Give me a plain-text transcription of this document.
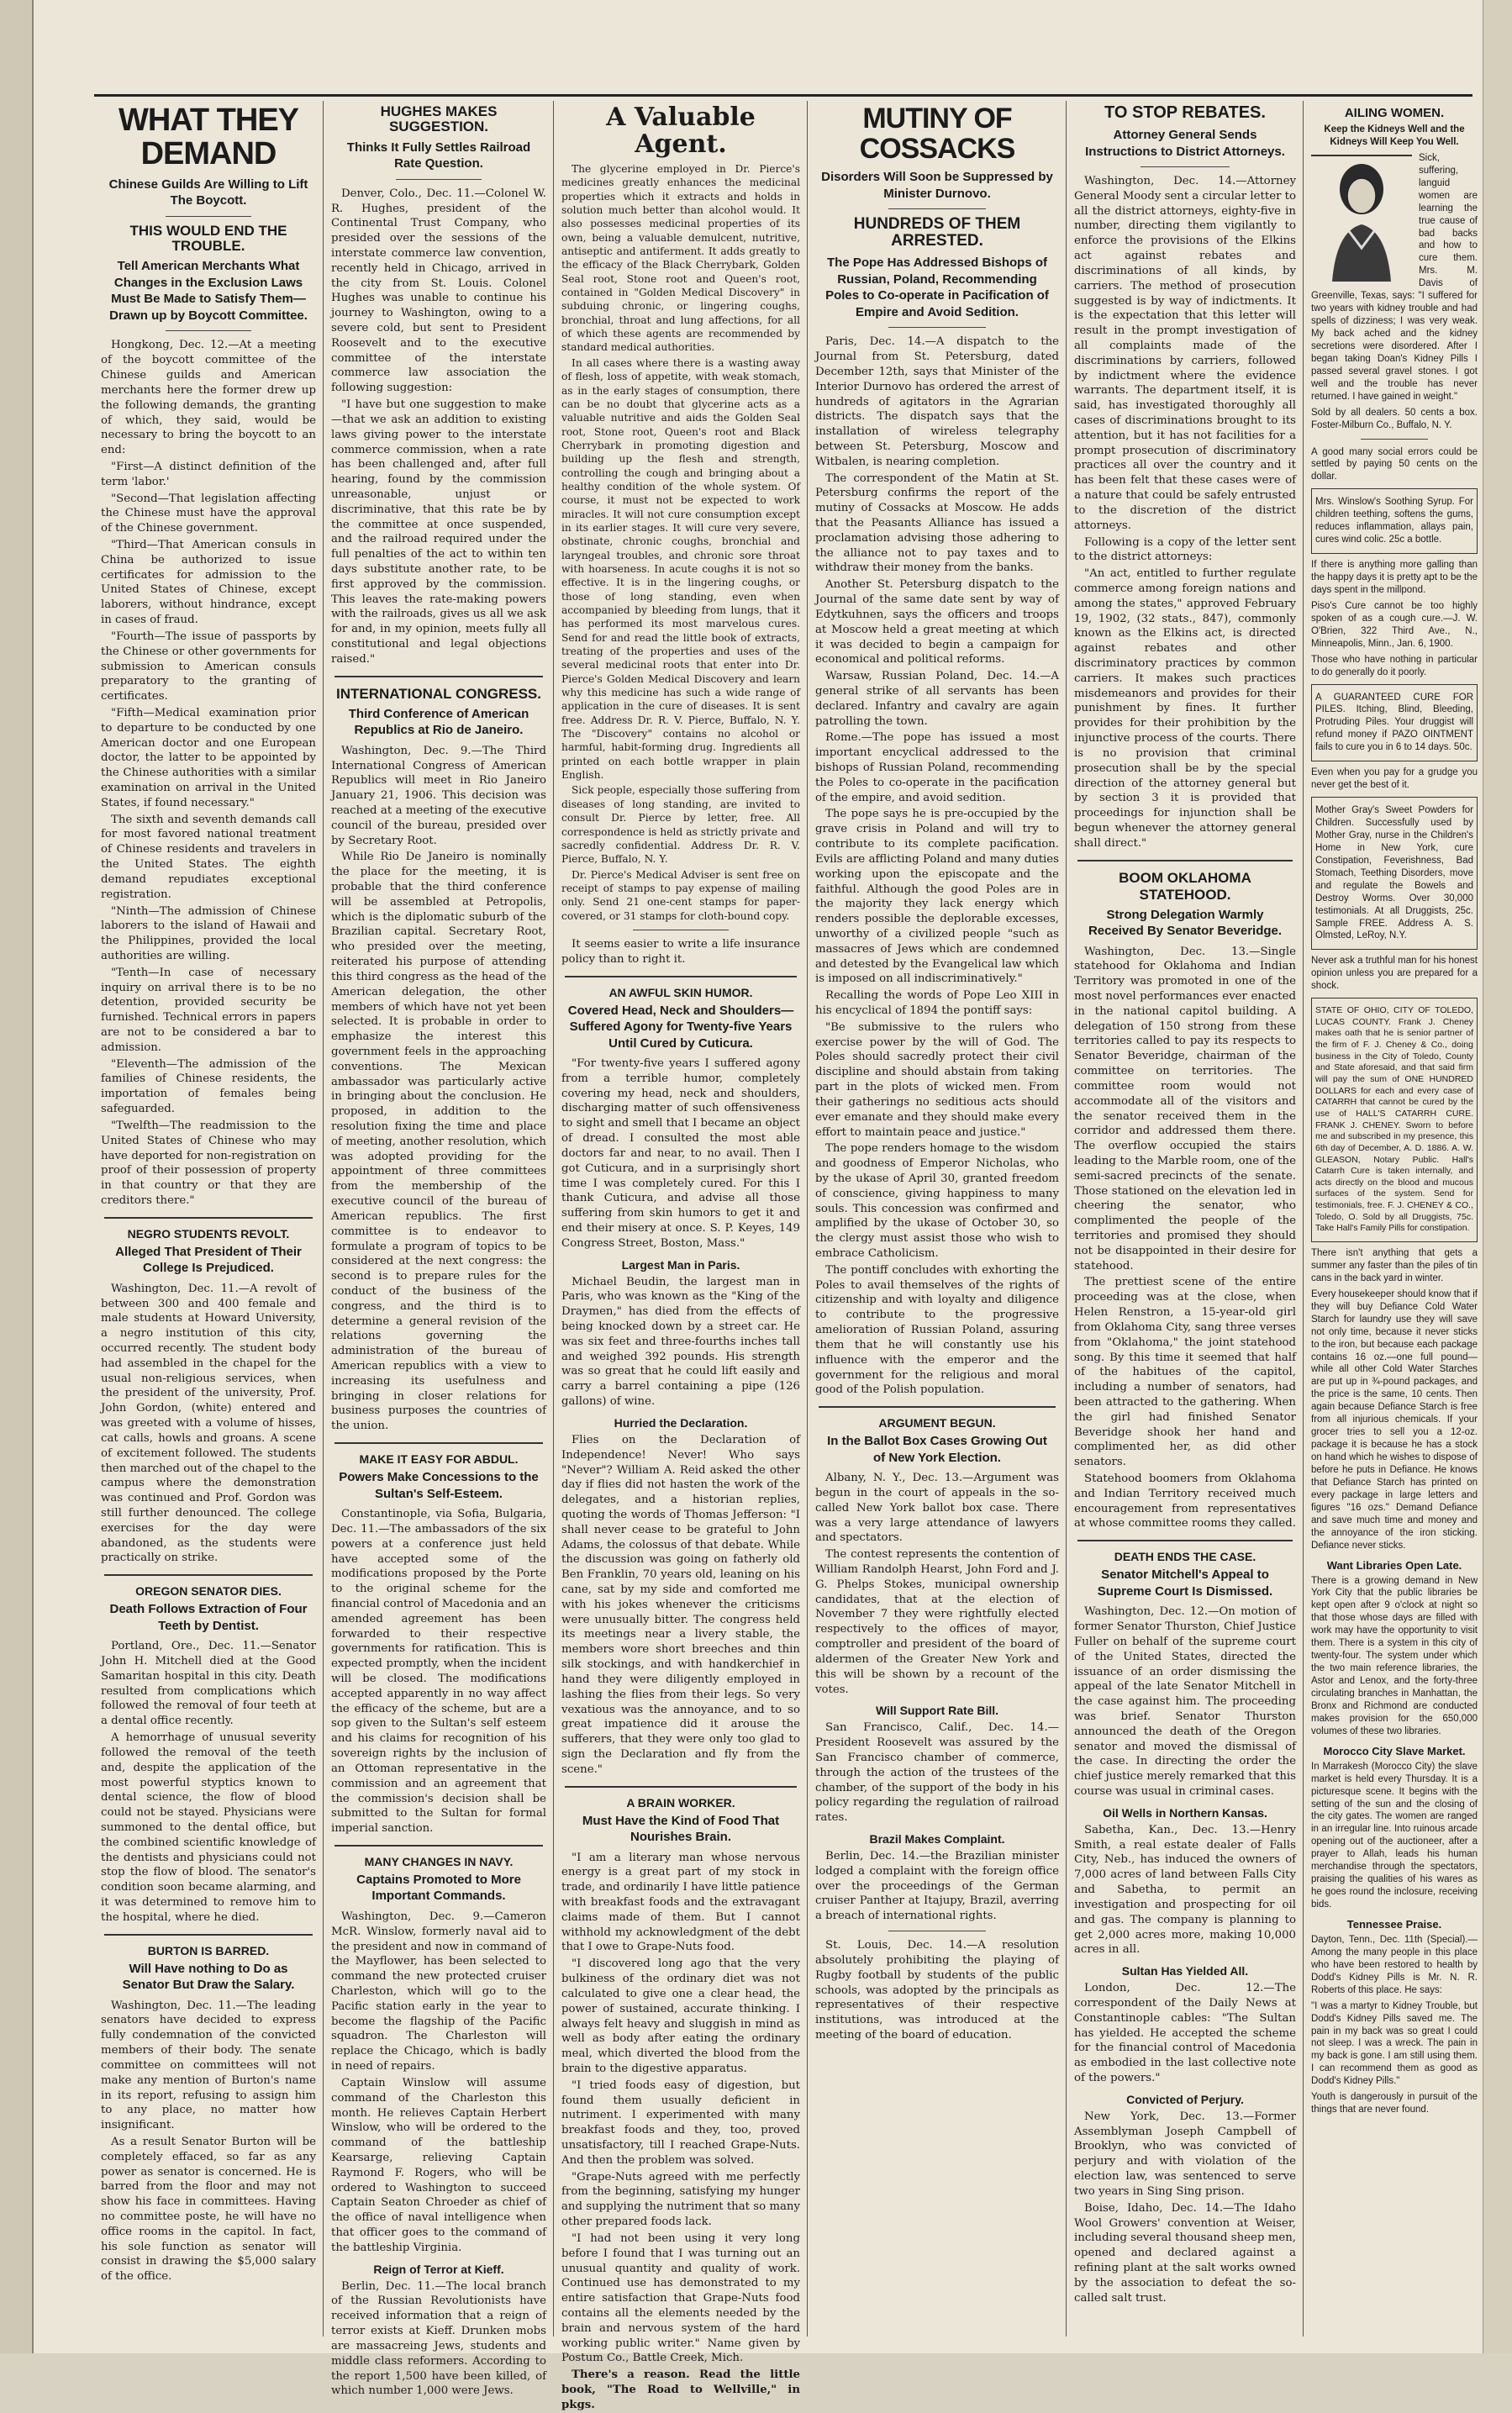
WHAT THEY DEMAND
Chinese Guilds Are Willing to Lift The Boycott.
THIS WOULD END THE TROUBLE.
Tell American Merchants What Changes in the Exclusion Laws Must Be Made to Satisfy Them—Drawn up by Boycott Committee.

Hongkong, Dec. 12.—At a meeting of the boycott committee of the Chinese guilds and American merchants here the former drew up the following demands, the granting of which, they said, would be necessary to bring the boycott to an end:

"First—A distinct definition of the term 'labor.'

"Second—That legislation affecting the Chinese must have the approval of the Chinese government.

"Third—That American consuls in China be authorized to issue certificates for admission to the United States of Chinese, except laborers, without hindrance, except in cases of fraud.

"Fourth—The issue of passports by the Chinese or other governments for submission to American consuls preparatory to the granting of certificates.

"Fifth—Medical examination prior to departure to be conducted by one American doctor and one European doctor, the latter to be appointed by the Chinese authorities with a similar examination on arrival in the United States, if found necessary."

The sixth and seventh demands call for most favored national treatment of Chinese residents and travelers in the United States. The eighth demand repudiates exceptional registration.

"Ninth—The admission of Chinese laborers to the island of Hawaii and the Philippines, provided the local authorities are willing.

"Tenth—In case of necessary inquiry on arrival there is to be no detention, provided security be furnished. Technical errors in papers are not to be considered a bar to admission.

"Eleventh—The admission of the families of Chinese residents, the importation of females being safeguarded.

"Twelfth—The readmission to the United States of Chinese who may have deported for non-registration on proof of their possession of property in that country or that they are creditors there."

NEGRO STUDENTS REVOLT.
Alleged That President of Their College Is Prejudiced.

Washington, Dec. 11.—A revolt of between 300 and 400 female and male students at Howard University, a negro institution of this city, occurred recently. The student body had assembled in the chapel for the usual non-religious services, when the president of the university, Prof. John Gordon, (white) entered and was greeted with a volume of hisses, cat calls, howls and groans. A scene of excitement followed. The students then marched out of the chapel to the campus where the demonstration was continued and Prof. Gordon was still further denounced. The college exercises for the day were abandoned, as the students were practically on strike.

OREGON SENATOR DIES.
Death Follows Extraction of Four Teeth by Dentist.

Portland, Ore., Dec. 11.—Senator John H. Mitchell died at the Good Samaritan hospital in this city. Death resulted from complications which followed the removal of four teeth at a dental office recently.

A hemorrhage of unusual severity followed the removal of the teeth and, despite the application of the most powerful styptics known to dental science, the flow of blood could not be stayed. Physicians were summoned to the dental office, but the combined scientific knowledge of the dentists and physicians could not stop the flow of blood. The senator's condition soon became alarming, and it was determined to remove him to the hospital, where he died.

BURTON IS BARRED.
Will Have nothing to Do as Senator But Draw the Salary.

Washington, Dec. 11.—The leading senators have decided to express fully condemnation of the convicted members of their body. The senate committee on committees will not make any mention of Burton's name in its report, refusing to assign him to any place, no matter how insignificant.

As a result Senator Burton will be completely effaced, so far as any power as senator is concerned. He is barred from the floor and may not show his face in committees. Having no committee poste, he will have no office rooms in the capitol. In fact, his sole function as senator will consist in drawing the $5,000 salary of the office.

HUGHES MAKES SUGGESTION.
Thinks It Fully Settles Railroad Rate Question.

Denver, Colo., Dec. 11.—Colonel W. R. Hughes, president of the Continental Trust Company, who presided over the sessions of the interstate commerce law convention, recently held in Chicago, arrived in the city from St. Louis. Colonel Hughes was unable to continue his journey to Washington, owing to a severe cold, but sent to President Roosevelt and to the executive committee of the interstate commerce law association the following suggestion:

"I have but one suggestion to make—that we ask an addition to existing laws giving power to the interstate commerce commission, when a rate has been challenged and, after full hearing, found by the commission unreasonable, unjust or discriminative, that this rate be by the committee at once suspended, and the railroad required under the full penalties of the act to within ten days substitute another rate, to be first approved by the commission. This leaves the rate-making powers with the railroads, gives us all we ask for and, in my opinion, meets fully all constitutional and legal objections raised."

INTERNATIONAL CONGRESS.
Third Conference of American Republics at Rio de Janeiro.

Washington, Dec. 9.—The Third International Congress of American Republics will meet in Rio Janeiro January 21, 1906. This decision was reached at a meeting of the executive council of the bureau, presided over by Secretary Root.

While Rio De Janeiro is nominally the place for the meeting, it is probable that the third conference will be assembled at Petropolis, which is the diplomatic suburb of the Brazilian capital. Secretary Root, who presided over the meeting, reiterated his purpose of attending this third congress as the head of the American delegation, the other members of which have not yet been selected. It is probable in order to emphasize the interest this government feels in the approaching conventions. The Mexican ambassador was particularly active in bringing about the conclusion. He proposed, in addition to the resolution fixing the time and place of meeting, another resolution, which was adopted providing for the appointment of three committees from the membership of the executive council of the bureau of American republics. The first committee is to endeavor to formulate a program of topics to be considered at the next congress: the second is to prepare rules for the conduct of the business of the congress, and the third is to determine a general revision of the relations governing the administration of the bureau of American republics with a view to increasing its usefulness and bringing in closer relations for business purposes the countries of the union.

MAKE IT EASY FOR ABDUL.
Powers Make Concessions to the Sultan's Self-Esteem.

Constantinople, via Sofia, Bulgaria, Dec. 11.—The ambassadors of the six powers at a conference just held have accepted some of the modifications proposed by the Porte to the original scheme for the financial control of Macedonia and an amended agreement has been forwarded to their respective governments for ratification. This is expected promptly, when the incident will be closed. The modifications accepted apparently in no way affect the efficacy of the scheme, but are a sop given to the Sultan's self esteem and his claims for recognition of his sovereign rights by the inclusion of an Ottoman representative in the commission and an agreement that the commission's decision shall be submitted to the Sultan for formal imperial sanction.

MANY CHANGES IN NAVY.
Captains Promoted to More Important Commands.

Washington, Dec. 9.—Cameron McR. Winslow, formerly naval aid to the president and now in command of the Mayflower, has been selected to command the new protected cruiser Charleston, which will go to the Pacific station early in the year to become the flagship of the Pacific squadron. The Charleston will replace the Chicago, which is badly in need of repairs.

Captain Winslow will assume command of the Charleston this month. He relieves Captain Herbert Winslow, who will be ordered to the command of the battleship Kearsarge, relieving Captain Raymond F. Rogers, who will be ordered to Washington to succeed Captain Seaton Chroeder as chief of the office of naval intelligence when that officer goes to the command of the battleship Virginia.

Reign of Terror at Kieff.

Berlin, Dec. 11.—The local branch of the Russian Revolutionists have received information that a reign of terror exists at Kieff. Drunken mobs are massacreing Jews, students and middle class reformers. According to the report 1,500 have been killed, of which number 1,000 were Jews.

A Valuable Agent.

The glycerine employed in Dr. Pierce's medicines greatly enhances the medicinal properties which it extracts and holds in solution much better than alcohol would. It also possesses medicinal properties of its own, being a valuable demulcent, nutritive, antiseptic and antiferment. It adds greatly to the efficacy of the Black Cherrybark, Golden Seal root, Stone root and Queen's root, contained in "Golden Medical Discovery" in subduing chronic, or lingering coughs, bronchial, throat and lung affections, for all of which these agents are recommended by standard medical authorities.

In all cases where there is a wasting away of flesh, loss of appetite, with weak stomach, as in the early stages of consumption, there can be no doubt that glycerine acts as a valuable nutritive and aids the Golden Seal root, Stone root, Queen's root and Black Cherrybark in promoting digestion and building up the flesh and strength, controlling the cough and bringing about a healthy condition of the whole system. Of course, it must not be expected to work miracles. It will not cure consumption except in its earlier stages. It will cure very severe, obstinate, chronic coughs, bronchial and laryngeal troubles, and chronic sore throat with hoarseness. In acute coughs it is not so effective. It is in the lingering coughs, or those of long standing, even when accompanied by bleeding from lungs, that it has performed its most marvelous cures. Send for and read the little book of extracts, treating of the properties and uses of the several medicinal roots that enter into Dr. Pierce's Golden Medical Discovery and learn why this medicine has such a wide range of application in the cure of diseases. It is sent free. Address Dr. R. V. Pierce, Buffalo, N. Y. The "Discovery" contains no alcohol or harmful, habit-forming drug. Ingredients all printed on each bottle wrapper in plain English.

Sick people, especially those suffering from diseases of long standing, are invited to consult Dr. Pierce by letter, free. All correspondence is held as strictly private and sacredly confidential. Address Dr. R. V. Pierce, Buffalo, N. Y.

Dr. Pierce's Medical Adviser is sent free on receipt of stamps to pay expense of mailing only. Send 21 one-cent stamps for paper-covered, or 31 stamps for cloth-bound copy.

It seems easier to write a life insurance policy than to right it.

AN AWFUL SKIN HUMOR.
Covered Head, Neck and Shoulders—Suffered Agony for Twenty-five Years Until Cured by Cuticura.

"For twenty-five years I suffered agony from a terrible humor, completely covering my head, neck and shoulders, discharging matter of such offensiveness to sight and smell that I became an object of dread. I consulted the most able doctors far and near, to no avail. Then I got Cuticura, and in a surprisingly short time I was completely cured. For this I thank Cuticura, and advise all those suffering from skin humors to get it and end their misery at once. S. P. Keyes, 149 Congress Street, Boston, Mass."

Largest Man in Paris.

Michael Beudin, the largest man in Paris, who was known as the "King of the Draymen," has died from the effects of being knocked down by a street car. He was six feet and three-fourths inches tall and weighed 392 pounds. His strength was so great that he could lift easily and carry a barrel containing a pipe (126 gallons) of wine.

Hurried the Declaration.

Flies on the Declaration of Independence! Never! Who says "Never"? William A. Reid asked the other day if flies did not hasten the work of the delegates, and a historian replies, quoting the words of Thomas Jefferson: "I shall never cease to be grateful to John Adams, the colossus of that debate. While the discussion was going on fatherly old Ben Franklin, 70 years old, leaning on his cane, sat by my side and comforted me with his jokes whenever the criticisms were unusually bitter. The congress held its meetings near a livery stable, the members wore short breeches and thin silk stockings, and with handkerchief in hand they were diligently employed in lashing the flies from their legs. So very vexatious was the annoyance, and to so great impatience did it arouse the sufferers, that they were only too glad to sign the Declaration and fly from the scene."

A BRAIN WORKER.
Must Have the Kind of Food That Nourishes Brain.

"I am a literary man whose nervous energy is a great part of my stock in trade, and ordinarily I have little patience with breakfast foods and the extravagant claims made of them. But I cannot withhold my acknowledgment of the debt that I owe to Grape-Nuts food.

"I discovered long ago that the very bulkiness of the ordinary diet was not calculated to give one a clear head, the power of sustained, accurate thinking. I always felt heavy and sluggish in mind as well as body after eating the ordinary meal, which diverted the blood from the brain to the digestive apparatus.

"I tried foods easy of digestion, but found them usually deficient in nutriment. I experimented with many breakfast foods and they, too, proved unsatisfactory, till I reached Grape-Nuts. And then the problem was solved.

"Grape-Nuts agreed with me perfectly from the beginning, satisfying my hunger and supplying the nutriment that so many other prepared foods lack.

"I had not been using it very long before I found that I was turning out an unusual quantity and quality of work. Continued use has demonstrated to my entire satisfaction that Grape-Nuts food contains all the elements needed by the brain and nervous system of the hard working public writer." Name given by Postum Co., Battle Creek, Mich.

There's a reason. Read the little book, "The Road to Wellville," in pkgs.

MUTINY OF COSSACKS
Disorders Will Soon be Suppressed by Minister Durnovo.
HUNDREDS OF THEM ARRESTED.
The Pope Has Addressed Bishops of Russian, Poland, Recommending Poles to Co-operate in Pacification of Empire and Avoid Sedition.

Paris, Dec. 14.—A dispatch to the Journal from St. Petersburg, dated December 12th, says that Minister of the Interior Durnovo has ordered the arrest of hundreds of agitators in the Agrarian districts. The dispatch says that the installation of wireless telegraphy between St. Petersburg, Moscow and Witbalen, is nearing completion.

The correspondent of the Matin at St. Petersburg confirms the report of the mutiny of Cossacks at Moscow. He adds that the Peasants Alliance has issued a proclamation advising those adhering to the alliance not to pay taxes and to withdraw their money from the banks.

Another St. Petersburg dispatch to the Journal of the same date sent by way of Edytkuhnen, says the officers and troops at Moscow held a great meeting at which it was decided to begin a campaign for economical and political reforms.

Warsaw, Russian Poland, Dec. 14.—A general strike of all servants has been declared. Infantry and cavalry are again patrolling the town.

Rome.—The pope has issued a most important encyclical addressed to the bishops of Russian Poland, recommending the Poles to co-operate in the pacification of the empire, and avoid sedition.

The pope says he is pre-occupied by the grave crisis in Poland and will try to contribute to its complete pacification. Evils are afflicting Poland and many duties working upon the episcopate and the faithful. Although the good Poles are in the majority they lack energy which renders possible the deplorable excesses, unworthy of a civilized people "such as massacres of Jews which are condemned and detested by the Evangelical law which is imposed on all indiscriminatively."

Recalling the words of Pope Leo XIII in his encyclical of 1894 the pontiff says:

"Be submissive to the rulers who exercise power by the will of God. The Poles should sacredly protect their civil discipline and should abstain from taking part in the plots of wicked men. From their gatherings no seditious acts should ever emanate and they should make every effort to maintain peace and justice."

The pope renders homage to the wisdom and goodness of Emperor Nicholas, who by the ukase of April 30, granted freedom of conscience, giving happiness to many souls. This concession was confirmed and amplified by the ukase of October 30, so the clergy must assist those who wish to embrace Catholicism.

The pontiff concludes with exhorting the Poles to avail themselves of the rights of citizenship and with loyalty and diligence to contribute to the progressive amelioration of Russian Poland, assuring them that he will constantly use his influence with the emperor and the government for the religious and moral good of the Polish population.

ARGUMENT BEGUN.
In the Ballot Box Cases Growing Out of New York Election.

Albany, N. Y., Dec. 13.—Argument was begun in the court of appeals in the so-called New York ballot box case. There was a very large attendance of lawyers and spectators.

The contest represents the contention of William Randolph Hearst, John Ford and J. G. Phelps Stokes, municipal ownership candidates, that at the election of November 7 they were rightfully elected respectively to the offices of mayor, comptroller and president of the board of aldermen of the Greater New York and this will be shown by a recount of the votes.

Will Support Rate Bill.

San Francisco, Calif., Dec. 14.—President Roosevelt was assured by the San Francisco chamber of commerce, through the action of the trustees of the chamber, of the support of the body in his policy regarding the regulation of railroad rates.

Brazil Makes Complaint.

Berlin, Dec. 14.—the Brazilian minister lodged a complaint with the foreign office over the proceedings of the German cruiser Panther at Itajupy, Brazil, averring a breach of international rights.

St. Louis, Dec. 14.—A resolution absolutely prohibiting the playing of Rugby football by students of the public schools, was adopted by the principals as representatives of their respective institutions, was introduced at the meeting of the board of education.

TO STOP REBATES.
Attorney General Sends Instructions to District Attorneys.

Washington, Dec. 14.—Attorney General Moody sent a circular letter to all the district attorneys, eighty-five in number, directing them vigilantly to enforce the provisions of the Elkins act against rebates and discriminations of all kinds, by carriers. The method of prosecution suggested is by way of indictments. It is the expectation that this letter will result in the prompt investigation of all complaints made of the discriminations by carriers, followed by indictment where the evidence warrants. The department itself, it is said, has investigated thoroughly all cases of discriminations brought to its attention, but it has not facilities for a prompt prosecution of discriminatory practices all over the country and it has been felt that these cases were of a nature that could be safely entrusted to the discretion of the district attorneys.

Following is a copy of the letter sent to the district attorneys:

"An act, entitled to further regulate commerce among foreign nations and among the states," approved February 19, 1902, (32 stats., 847), commonly known as the Elkins act, is directed against rebates and other discriminatory practices by common carriers. It makes such practices misdemeanors and provides for their punishment by fines. It further provides for their prohibition by the injunctive process of the courts. There is no provision that criminal prosecution shall be by the special direction of the attorney general but by section 3 it is provided that proceedings for injunction shall be begun whenever the attorney general shall direct."

BOOM OKLAHOMA STATEHOOD.
Strong Delegation Warmly Received By Senator Beveridge.

Washington, Dec. 13.—Single statehood for Oklahoma and Indian Territory was promoted in one of the most novel performances ever enacted in the national capitol building. A delegation of 150 strong from these territories called to pay its respects to Senator Beveridge, chairman of the committee on territories. The committee room would not accommodate all of the visitors and the senator received them in the corridor and addressed them there. The overflow occupied the stairs leading to the Marble room, one of the semi-sacred precincts of the senate. Those stationed on the elevation led in cheering the senator, who complimented the people of the territories and promised they should not be disappointed in their desire for statehood.

The prettiest scene of the entire proceeding was at the close, when Helen Renstron, a 15-year-old girl from Oklahoma City, sang three verses from "Oklahoma," the joint statehood song. By this time it seemed that half of the habitues of the capitol, including a number of senators, had been attracted to the gathering. When the girl had finished Senator Beveridge shook her hand and complimented her, as did other senators.

Statehood boomers from Oklahoma and Indian Territory received much encouragement from representatives at whose committee rooms they called.

DEATH ENDS THE CASE.
Senator Mitchell's Appeal to Supreme Court Is Dismissed.

Washington, Dec. 12.—On motion of former Senator Thurston, Chief Justice Fuller on behalf of the supreme court of the United States, directed the issuance of an order dismissing the appeal of the late Senator Mitchell in the case against him. The proceeding was brief. Senator Thurston announced the death of the Oregon senator and moved the dismissal of the case. In directing the order the chief justice merely remarked that this course was usual in criminal cases.

Oil Wells in Northern Kansas.

Sabetha, Kan., Dec. 13.—Henry Smith, a real estate dealer of Falls City, Neb., has induced the owners of 7,000 acres of land between Falls City and Sabetha, to permit an investigation and prospecting for oil and gas. The company is planning to get 2,000 acres more, making 10,000 acres in all.

Sultan Has Yielded All.

London, Dec. 12.—The correspondent of the Daily News at Constantinople cables: "The Sultan has yielded. He accepted the scheme for the financial control of Macedonia as embodied in the last collective note of the powers."

Convicted of Perjury.

New York, Dec. 13.—Former Assemblyman Joseph Campbell of Brooklyn, who was convicted of perjury and with violation of the election law, was sentenced to serve two years in Sing Sing prison.

Boise, Idaho, Dec. 14.—The Idaho Wool Growers' convention at Weiser, including several thousand sheep men, opened and declared against a refining plant at the salt works owned by the association to defeat the so-called salt trust.

AILING WOMEN.
Keep the Kidneys Well and the Kidneys Will Keep You Well.

Sick, suffering, languid women are learning the true cause of bad backs and how to cure them. Mrs. M. Davis of Greenville, Texas, says: "I suffered for two years with kidney trouble and had spells of dizziness; I was very weak. My back ached and the kidney secretions were disordered. After I began taking Doan's Kidney Pills I passed several gravel stones. I got well and the trouble has never returned. I have gained in weight."

Sold by all dealers. 50 cents a box. Foster-Milburn Co., Buffalo, N. Y.

A good many social errors could be settled by paying 50 cents on the dollar.

Mrs. Winslow's Soothing Syrup. For children teething, softens the gums, reduces inflammation, allays pain, cures wind colic. 25c a bottle.

If there is anything more galling than the happy days it is pretty apt to be the days spent in the millpond.

Piso's Cure cannot be too highly spoken of as a cough cure.—J. W. O'Brien, 322 Third Ave., N., Minneapolis, Minn., Jan. 6, 1900.

Those who have nothing in particular to do generally do it poorly.

A GUARANTEED CURE FOR PILES. Itching, Blind, Bleeding, Protruding Piles. Your druggist will refund money if PAZO OINTMENT fails to cure you in 6 to 14 days. 50c.

Even when you pay for a grudge you never get the best of it.

Mother Gray's Sweet Powders for Children. Successfully used by Mother Gray, nurse in the Children's Home in New York, cure Constipation, Feverishness, Bad Stomach, Teething Disorders, move and regulate the Bowels and Destroy Worms. Over 30,000 testimonials. At all Druggists, 25c. Sample FREE. Address A. S. Olmsted, LeRoy, N.Y.

Never ask a truthful man for his honest opinion unless you are prepared for a shock.

STATE OF OHIO, CITY OF TOLEDO, LUCAS COUNTY. Frank J. Cheney makes oath that he is senior partner of the firm of F. J. Cheney & Co., doing business in the City of Toledo, County and State aforesaid, and that said firm will pay the sum of ONE HUNDRED DOLLARS for each and every case of CATARRH that cannot be cured by the use of HALL'S CATARRH CURE. FRANK J. CHENEY. Sworn to before me and subscribed in my presence, this 6th day of December, A. D. 1886. A. W. GLEASON, Notary Public. Hall's Catarrh Cure is taken internally, and acts directly on the blood and mucous surfaces of the system. Send for testimonials, free. F. J. CHENEY & CO., Toledo, O. Sold by all Druggists, 75c. Take Hall's Family Pills for constipation.

There isn't anything that gets a summer any faster than the piles of tin cans in the back yard in winter.

Every housekeeper should know that if they will buy Defiance Cold Water Starch for laundry use they will save not only time, because it never sticks to the iron, but because each package contains 16 oz.—one full pound—while all other Cold Water Starches are put up in ¾-pound packages, and the price is the same, 10 cents. Then again because Defiance Starch is free from all injurious chemicals. If your grocer tries to sell you a 12-oz. package it is because he has a stock on hand which he wishes to dispose of before he puts in Defiance. He knows that Defiance Starch has printed on every package in large letters and figures "16 ozs." Demand Defiance and save much time and money and the annoyance of the iron sticking. Defiance never sticks.

Want Libraries Open Late.

There is a growing demand in New York City that the public libraries be kept open after 9 o'clock at night so that those whose days are filled with work may have the opportunity to visit them. There is a system in this city of twenty-four. The system under which the two main reference libraries, the Astor and Lenox, and the forty-three circulating branches in Manhattan, the Bronx and Richmond are conducted makes provision for the 650,000 volumes of these two libraries.

Morocco City Slave Market.

In Marrakesh (Morocco City) the slave market is held every Thursday. It is a picturesque scene. It begins with the setting of the sun and the closing of the city gates. The women are ranged in an irregular line. Into ruinous arcade opening out of the auctioneer, after a prayer to Allah, leads his human merchandise through the spectators, praising the qualities of his wares as he goes round the inclosure, receiving bids.

Tennessee Praise.

Dayton, Tenn., Dec. 11th (Special).—Among the many people in this place who have been restored to health by Dodd's Kidney Pills is Mr. N. R. Roberts of this place. He says:

"I was a martyr to Kidney Trouble, but Dodd's Kidney Pills saved me. The pain in my back was so great I could not sleep. I was a wreck. The pain in my back is gone. I am still using them. I can recommend them as good as Dodd's Kidney Pills."

Youth is dangerously in pursuit of the things that are never found.
